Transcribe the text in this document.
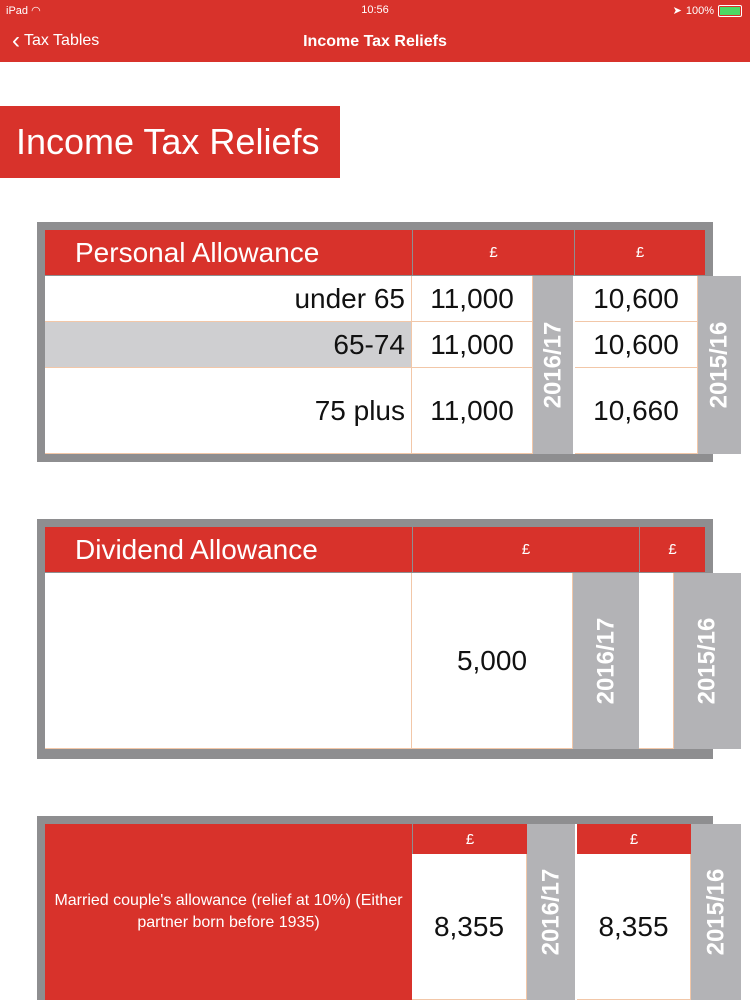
iPad ◠	10:56	➤ 100%
‹ Tax Tables	Income Tax Reliefs
Income Tax Reliefs
Personal Allowance	£	£
under 65 11,000	10,600
65-74 11,000	10,600
75 plus 11,000	10,660
2016/17	2015/16
Dividend Allowance	£	£
5,000	2016/17	2015/16
Married couple's allowance (relief at 10%) (Either partner born before 1935)
£	£
8,355	2016/17	8,355	2015/16
